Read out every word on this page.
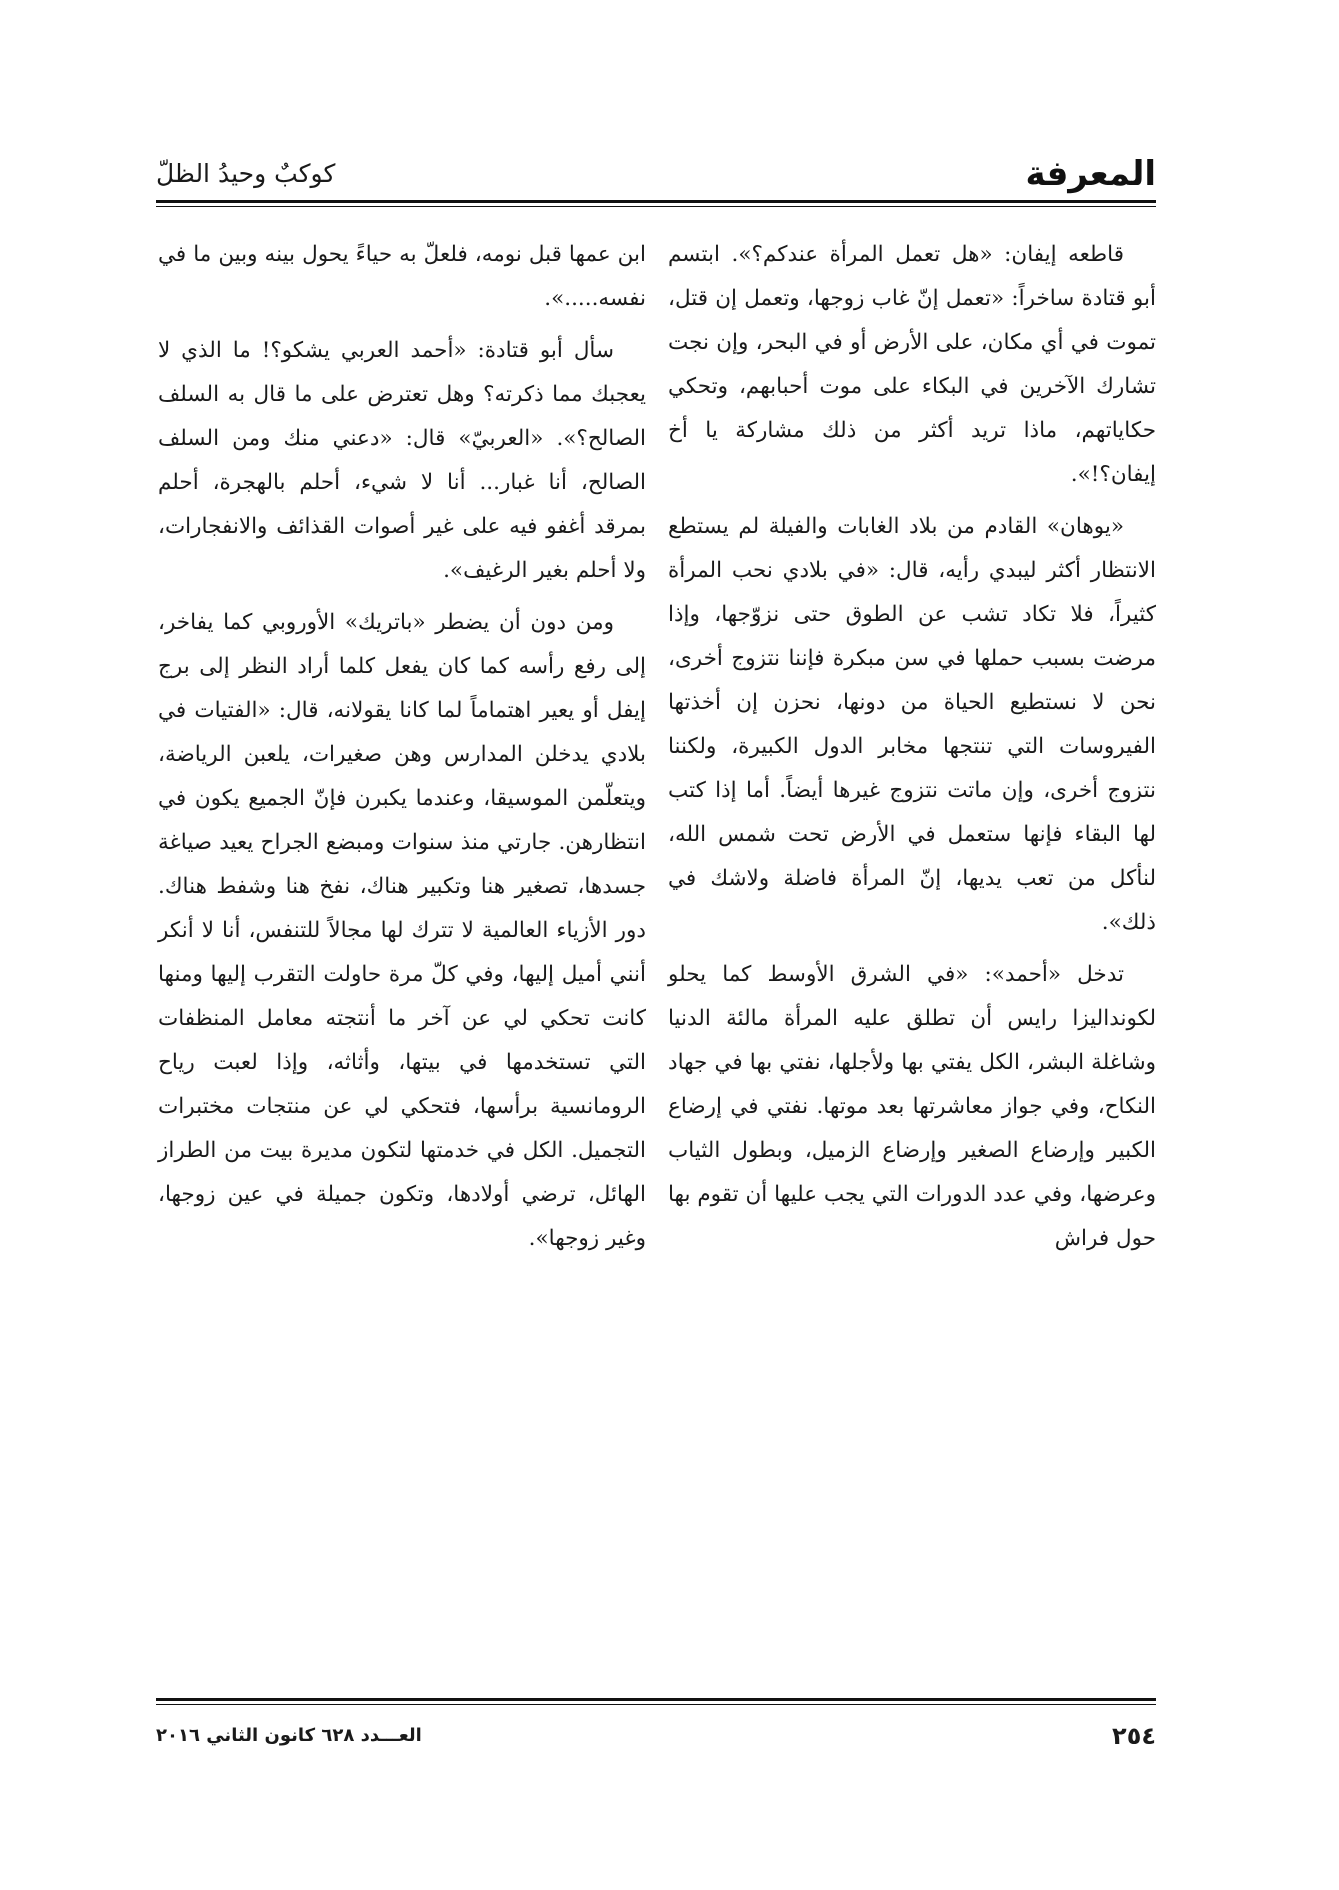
المعرفة
كوكبٌ وحيدُ الظلّ

قاطعه إيفان: «هل تعمل المرأة عندكم؟». ابتسم أبو قتادة ساخراً: «تعمل إنّ غاب زوجها، وتعمل إن قتل، تموت في أي مكان، على الأرض أو في البحر، وإن نجت تشارك الآخرين في البكاء على موت أحبابهم، وتحكي حكاياتهم، ماذا تريد أكثر من ذلك مشاركة يا أخ إيفان؟!».

«يوهان» القادم من بلاد الغابات والفيلة لم يستطع الانتظار أكثر ليبدي رأيه، قال: «في بلادي نحب المرأة كثيراً، فلا تكاد تشب عن الطوق حتى نزوّجها، وإذا مرضت بسبب حملها في سن مبكرة فإننا نتزوج أخرى، نحن لا نستطيع الحياة من دونها، نحزن إن أخذتها الفيروسات التي تنتجها مخابر الدول الكبيرة، ولكننا نتزوج أخرى، وإن ماتت نتزوج غيرها أيضاً. أما إذا كتب لها البقاء فإنها ستعمل في الأرض تحت شمس الله، لنأكل من تعب يديها، إنّ المرأة فاضلة ولاشك في ذلك».

تدخل «أحمد»: «في الشرق الأوسط كما يحلو لكونداليزا رايس أن تطلق عليه المرأة مالئة الدنيا وشاغلة البشر، الكل يفتي بها ولأجلها، نفتي بها في جهاد النكاح، وفي جواز معاشرتها بعد موتها. نفتي في إرضاع الكبير وإرضاع الصغير وإرضاع الزميل، وبطول الثياب وعرضها، وفي عدد الدورات التي يجب عليها أن تقوم بها حول فراش

ابن عمها قبل نومه، فلعلّ به حياءً يحول بينه وبين ما في نفسه.....».

سأل أبو قتادة: «أحمد العربي يشكو؟! ما الذي لا يعجبك مما ذكرته؟ وهل تعترض على ما قال به السلف الصالح؟». «العربيّ» قال: «دعني منك ومن السلف الصالح، أنا غبار... أنا لا شيء، أحلم بالهجرة، أحلم بمرقد أغفو فيه على غير أصوات القذائف والانفجارات، ولا أحلم بغير الرغيف».

ومن دون أن يضطر «باتريك» الأوروبي كما يفاخر، إلى رفع رأسه كما كان يفعل كلما أراد النظر إلى برج إيفل أو يعير اهتماماً لما كانا يقولانه، قال: «الفتيات في بلادي يدخلن المدارس وهن صغيرات، يلعبن الرياضة، ويتعلّمن الموسيقا، وعندما يكبرن فإنّ الجميع يكون في انتظارهن. جارتي منذ سنوات ومبضع الجراح يعيد صياغة جسدها، تصغير هنا وتكبير هناك، نفخ هنا وشفط هناك. دور الأزياء العالمية لا تترك لها مجالاً للتنفس، أنا لا أنكر أنني أميل إليها، وفي كلّ مرة حاولت التقرب إليها ومنها كانت تحكي لي عن آخر ما أنتجته معامل المنظفات التي تستخدمها في بيتها، وأثاثه، وإذا لعبت رياح الرومانسية برأسها، فتحكي لي عن منتجات مختبرات التجميل. الكل في خدمتها لتكون مديرة بيت من الطراز الهائل، ترضي أولادها، وتكون جميلة في عين زوجها، وغير زوجها».

٢٥٤
العـــدد ٦٢٨ كانون الثاني ٢٠١٦
